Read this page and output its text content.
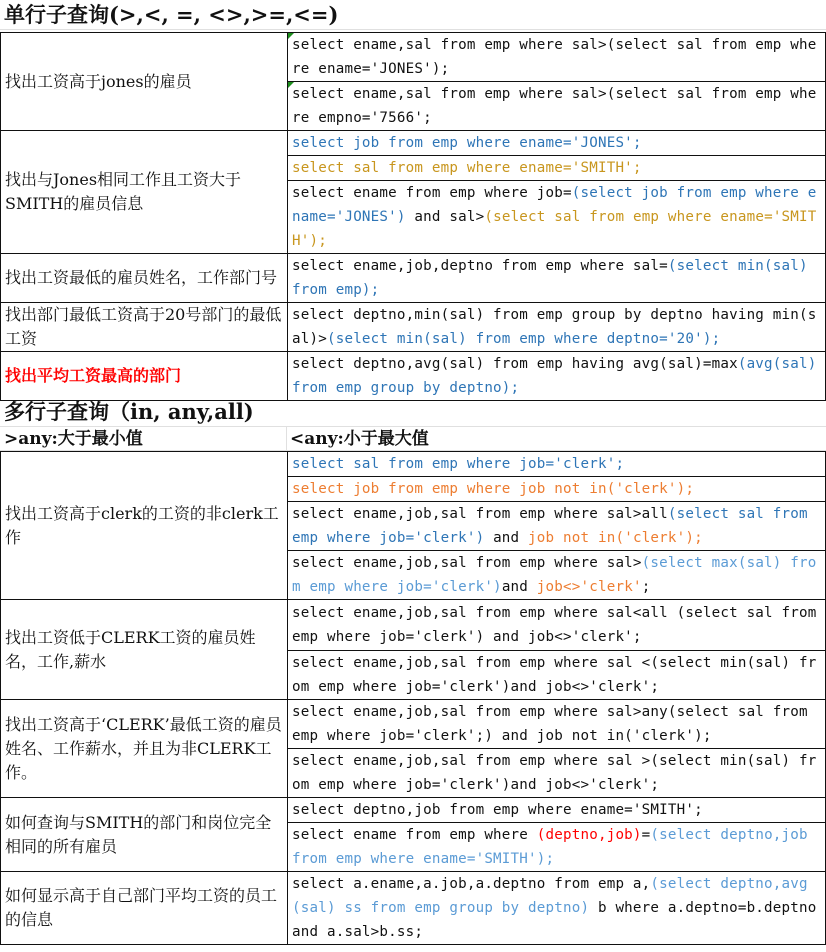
单行子查询(>,<, =, <>,>=,<=)
找出工资高于jones的雇员	select ename,sal from emp where sal>(select sal from emp where ename='JONES');
	select ename,sal from emp where sal>(select sal from emp where empno='7566';
找出与Jones相同工作且工资大于SMITH的雇员信息	select job from emp where ename='JONES';
	select sal from emp where ename='SMITH';
	select ename from emp where job=(select job from emp where ename='JONES') and sal>(select sal from emp where ename='SMITH');
找出工资最低的雇员姓名，工作部门号	select ename,job,deptno from emp where sal=(select min(sal) from emp);
找出部门最低工资高于20号部门的最低工资	select deptno,min(sal) from emp group by deptno having min(sal)>(select min(sal) from emp where deptno='20');
找出平均工资最高的部门	select deptno,avg(sal) from emp having avg(sal)=max(avg(sal) from emp group by deptno);
多行子查询（in, any,all)
>any:大于最小值	<any:小于最大值
找出工资高于clerk的工资的非clerk工作	select sal from emp where job='clerk';
	select job from emp where job not in('clerk');
	select ename,job,sal from emp where sal>all(select sal from emp where job='clerk') and job not in('clerk');
	select ename,job,sal from emp where sal>(select max(sal) from emp where job='clerk')and job<>'clerk';
找出工资低于CLERK工资的雇员姓名，工作,薪水	select ename,job,sal from emp where sal<all (select sal from emp where job='clerk') and job<>'clerk';
	select ename,job,sal from emp where sal <(select min(sal) from emp where job='clerk')and job<>'clerk';
找出工资高于‘CLERK’最低工资的雇员姓名、工作薪水，并且为非CLERK工作。	select ename,job,sal from emp where sal>any(select sal from emp where job='clerk';) and job not in('clerk');
	select ename,job,sal from emp where sal >(select min(sal) from emp where job='clerk')and job<>'clerk';
如何查询与SMITH的部门和岗位完全相同的所有雇员	select deptno,job from emp where ename='SMITH';
	select ename from emp where (deptno,job)=(select deptno,job from emp where ename='SMITH');
如何显示高于自己部门平均工资的员工的信息	select a.ename,a.job,a.deptno from emp a,(select deptno,avg(sal) ss from emp group by deptno) b where a.deptno=b.deptno and a.sal>b.ss;
